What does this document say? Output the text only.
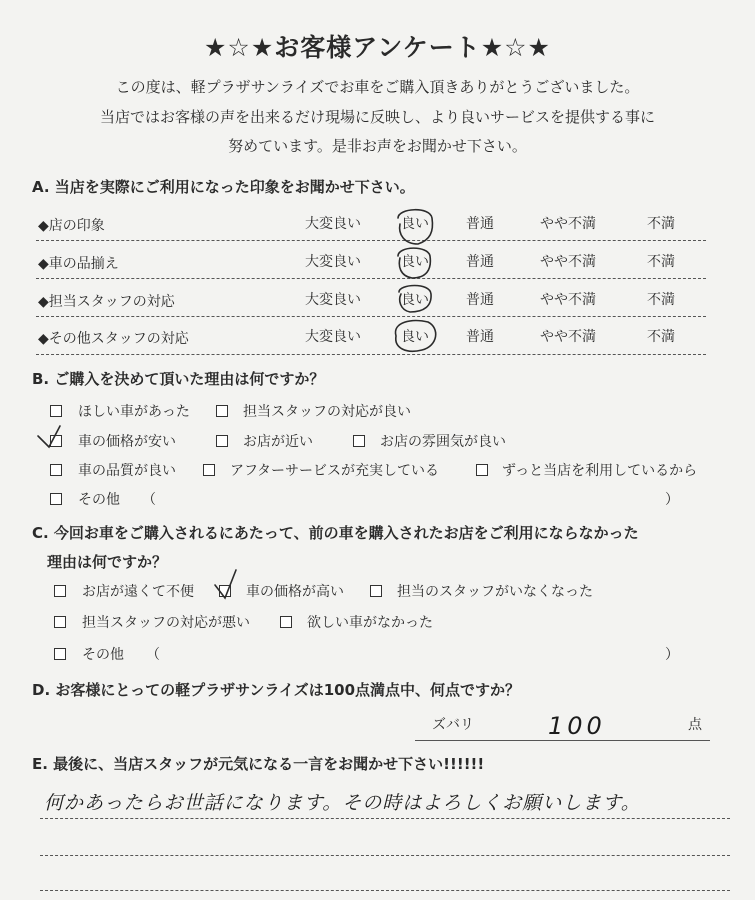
★☆★お客様アンケート★☆★
この度は、軽プラザサンライズでお車をご購入頂きありがとうございました。
当店ではお客様の声を出来るだけ現場に反映し、より良いサービスを提供する事に
努めています。是非お声をお聞かせ下さい。
A. 当店を実際にご利用になった印象をお聞かせ下さい。
◆店の印象	大変良い	良い	普通	やや不満	不満
◆車の品揃え	大変良い	良い	普通	やや不満	不満
◆担当スタッフの対応	大変良い	良い	普通	やや不満	不満
◆その他スタッフの対応	大変良い	良い	普通	やや不満	不満
B. ご購入を決めて頂いた理由は何ですか？
ほしい車があった	担当スタッフの対応が良い
車の価格が安い	お店が近い	お店の雰囲気が良い
車の品質が良い	アフターサービスが充実している	ずっと当店を利用しているから
その他 （	）
C. 今回お車をご購入されるにあたって、前の車を購入されたお店をご利用にならなかった
理由は何ですか？
お店が遠くて不便	車の価格が高い	担当のスタッフがいなくなった
担当スタッフの対応が悪い	欲しい車がなかった
その他 （	）
D. お客様にとっての軽プラザサンライズは100点満点中、何点ですか？
ズバリ	100	点
E. 最後に、当店スタッフが元気になる一言をお聞かせ下さい!!!!!!
何かあったらお世話になります。その時はよろしくお願いします。
